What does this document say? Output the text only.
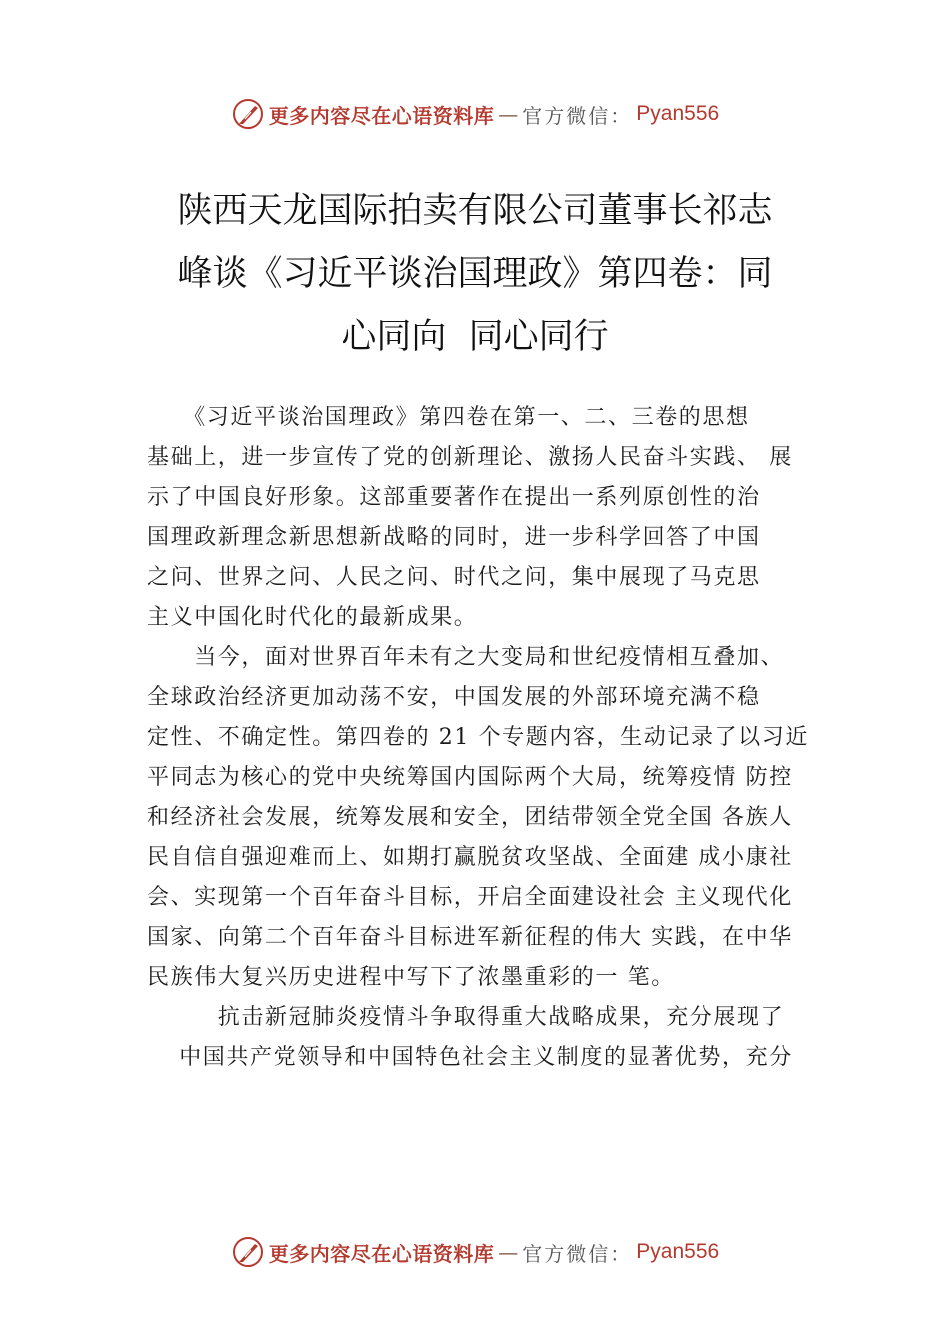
更多内容尽在心语资料库 — 官方微信： Pyan556
陕西天龙国际拍卖有限公司董事长祁志
峰谈《习近平谈治国理政》第四卷：同
心同向  同心同行
　　《习近平谈治国理政》第四卷在第一、二、三卷的思想
基础上，进一步宣传了党的创新理论、激扬人民奋斗实践、 展
示了中国良好形象。这部重要著作在提出一系列原创性的治
国理政新理念新思想新战略的同时，进一步科学回答了中国
之问、世界之问、人民之问、时代之问，集中展现了马克思
主义中国化时代化的最新成果。
　　当今，面对世界百年未有之大变局和世纪疫情相互叠加、
全球政治经济更加动荡不安，中国发展的外部环境充满不稳
定性、不确定性。第四卷的 21 个专题内容，生动记录了以习近
平同志为核心的党中央统筹国内国际两个大局，统筹疫情 防控
和经济社会发展，统筹发展和安全，团结带领全党全国 各族人
民自信自强迎难而上、如期打赢脱贫攻坚战、全面建 成小康社
会、实现第一个百年奋斗目标，开启全面建设社会 主义现代化
国家、向第二个百年奋斗目标进军新征程的伟大 实践，在中华
民族伟大复兴历史进程中写下了浓墨重彩的一 笔。
　　　抗击新冠肺炎疫情斗争取得重大战略成果，充分展现了
　 中国共产党领导和中国特色社会主义制度的显著优势，充分
更多内容尽在心语资料库 — 官方微信： Pyan556
